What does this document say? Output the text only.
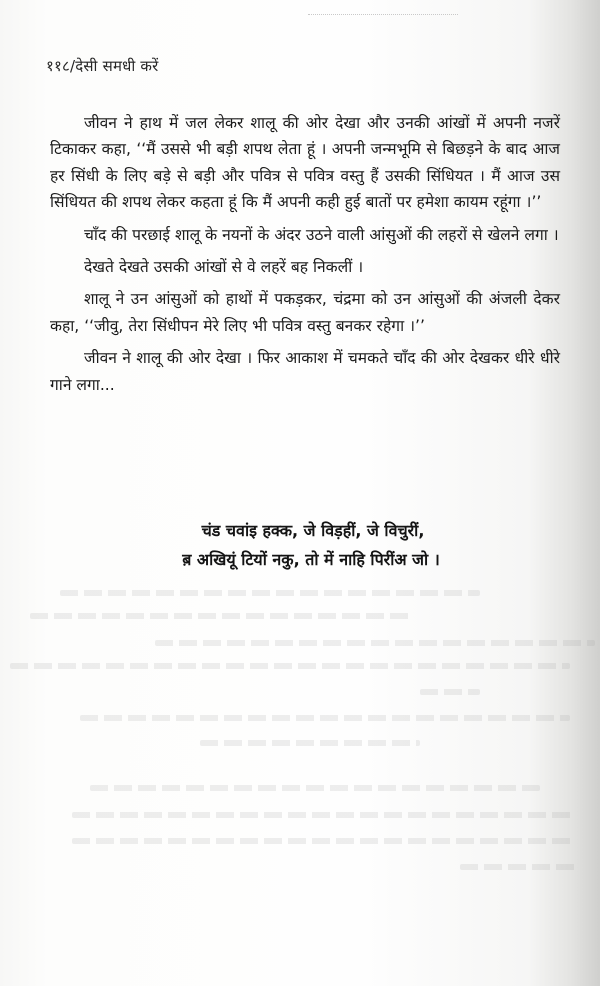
११८/देसी समधी करें

जीवन ने हाथ में जल लेकर शालू की ओर देखा और उनकी आंखों में अपनी नजरें टिकाकर कहा, ‘‘मैं उससे भी बड़ी शपथ लेता हूं । अपनी जन्मभूमि से बिछड़ने के बाद आज हर सिंधी के लिए बड़े से बड़ी और पवित्र से पवित्र वस्तु हैं उसकी सिंधियत । मैं आज उस सिंधियत की शपथ लेकर कहता हूं कि मैं अपनी कही हुई बातों पर हमेशा कायम रहूंगा ।’’

चाँद की परछाई शालू के नयनों के अंदर उठने वाली आंसुओं की लहरों से खेलने लगा ।

देखते देखते उसकी आंखों से वे लहरें बह निकलीं ।

शालू ने उन आंसुओं को हाथों में पकड़कर, चंद्रमा को उन आंसुओं की अंजली देकर कहा, ‘‘जीवु, तेरा सिंधीपन मेरे लिए भी पवित्र वस्तु बनकर रहेगा ।’’

जीवन ने शालू की ओर देखा । फिर आकाश में चमकते चाँद की ओर देखकर धीरे धीरे गाने लगा...

चंड चवांइ हक्क, जे विड़हीं, जे विचुरीं,
ब़ अखियूं टियों नकु, तो में नाहि पिरींअ जो ।
